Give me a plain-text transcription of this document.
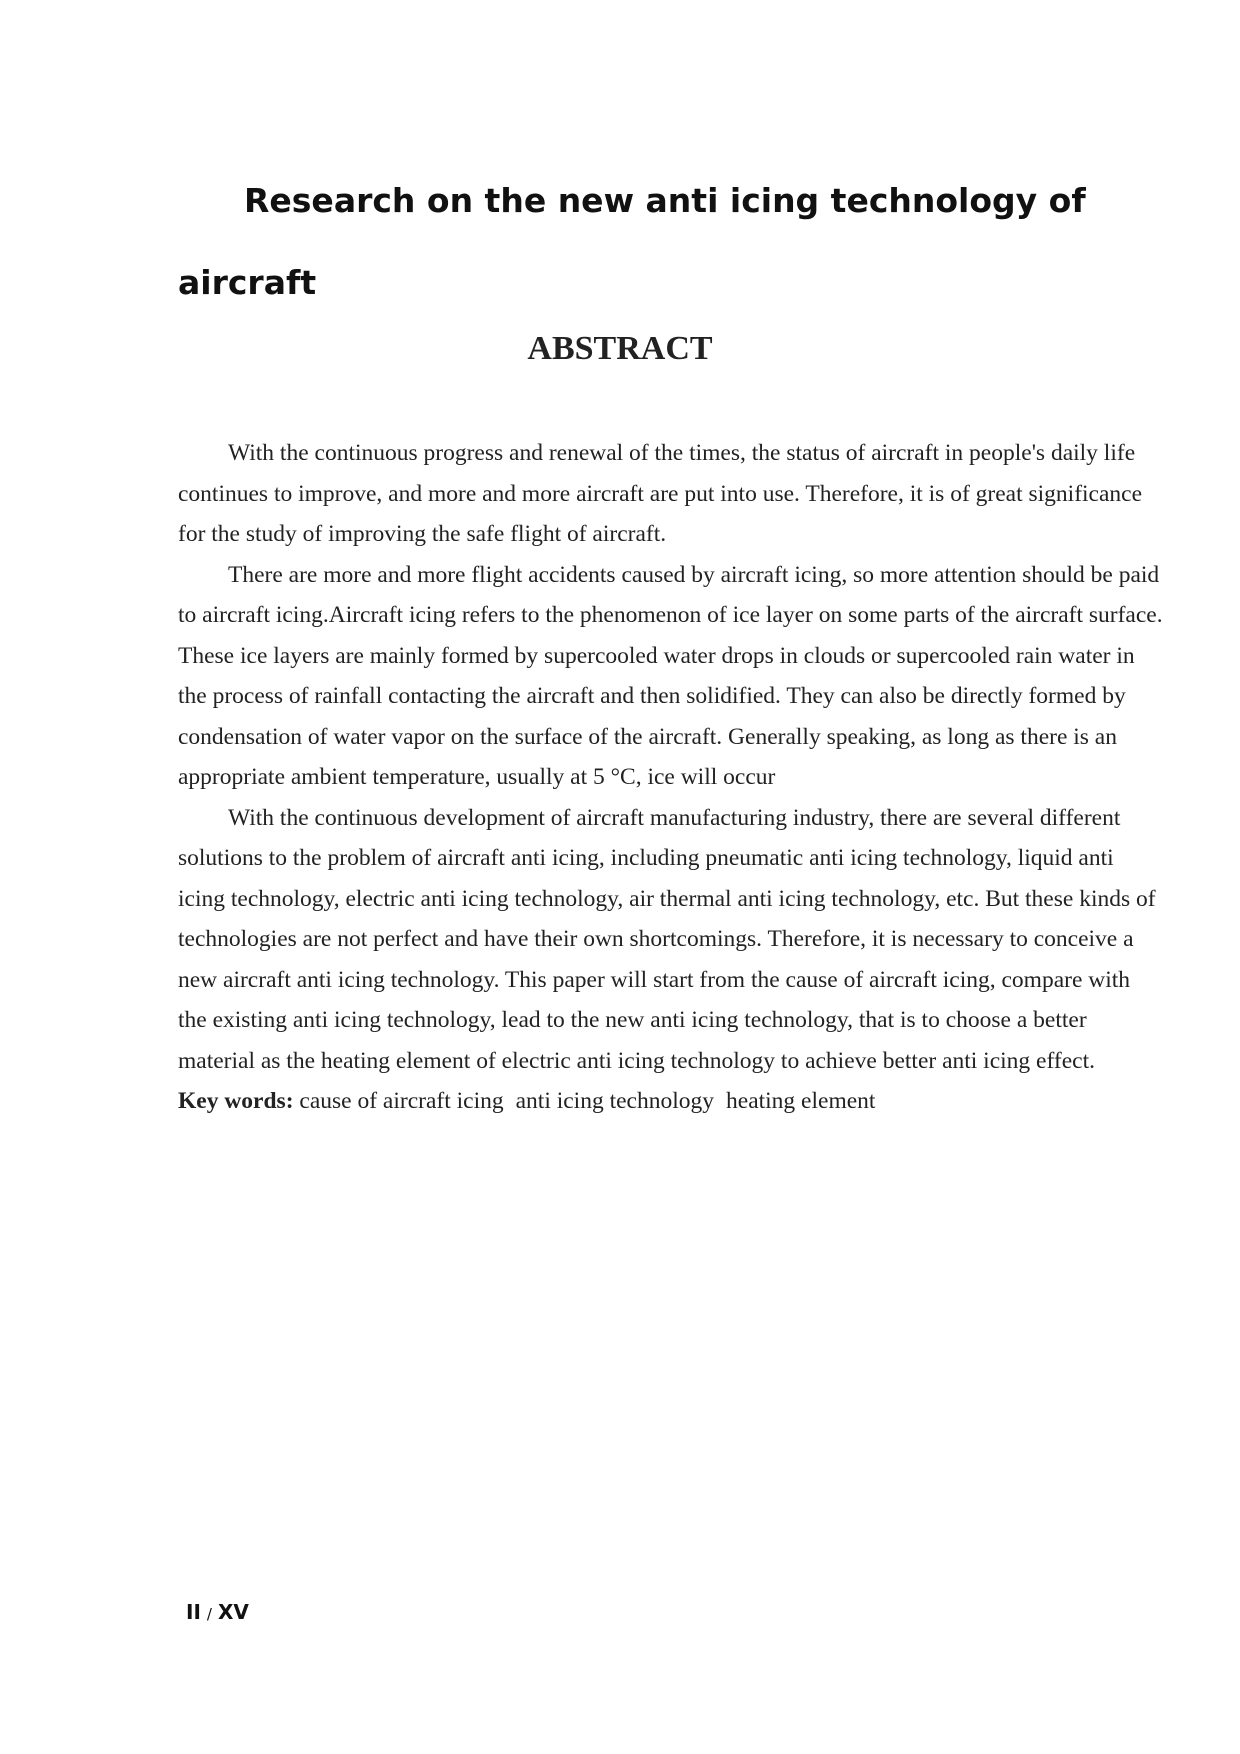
Research on the new anti icing technology of aircraft
ABSTRACT

With the continuous progress and renewal of the times, the status of aircraft in people's daily life continues to improve, and more and more aircraft are put into use. Therefore, it is of great significance for the study of improving the safe flight of aircraft.

There are more and more flight accidents caused by aircraft icing, so more attention should be paid to aircraft icing.Aircraft icing refers to the phenomenon of ice layer on some parts of the aircraft surface. These ice layers are mainly formed by supercooled water drops in clouds or supercooled rain water in the process of rainfall contacting the aircraft and then solidified. They can also be directly formed by condensation of water vapor on the surface of the aircraft. Generally speaking, as long as there is an appropriate ambient temperature, usually at 5 °C, ice will occur

With the continuous development of aircraft manufacturing industry, there are several different solutions to the problem of aircraft anti icing, including pneumatic anti icing technology, liquid anti icing technology, electric anti icing technology, air thermal anti icing technology, etc. But these kinds of technologies are not perfect and have their own shortcomings. Therefore, it is necessary to conceive a new aircraft anti icing technology. This paper will start from the cause of aircraft icing, compare with the existing anti icing technology, lead to the new anti icing technology, that is to choose a better material as the heating element of electric anti icing technology to achieve better anti icing effect.

Key words: cause of aircraft icing anti icing technology heating element
II / XV
